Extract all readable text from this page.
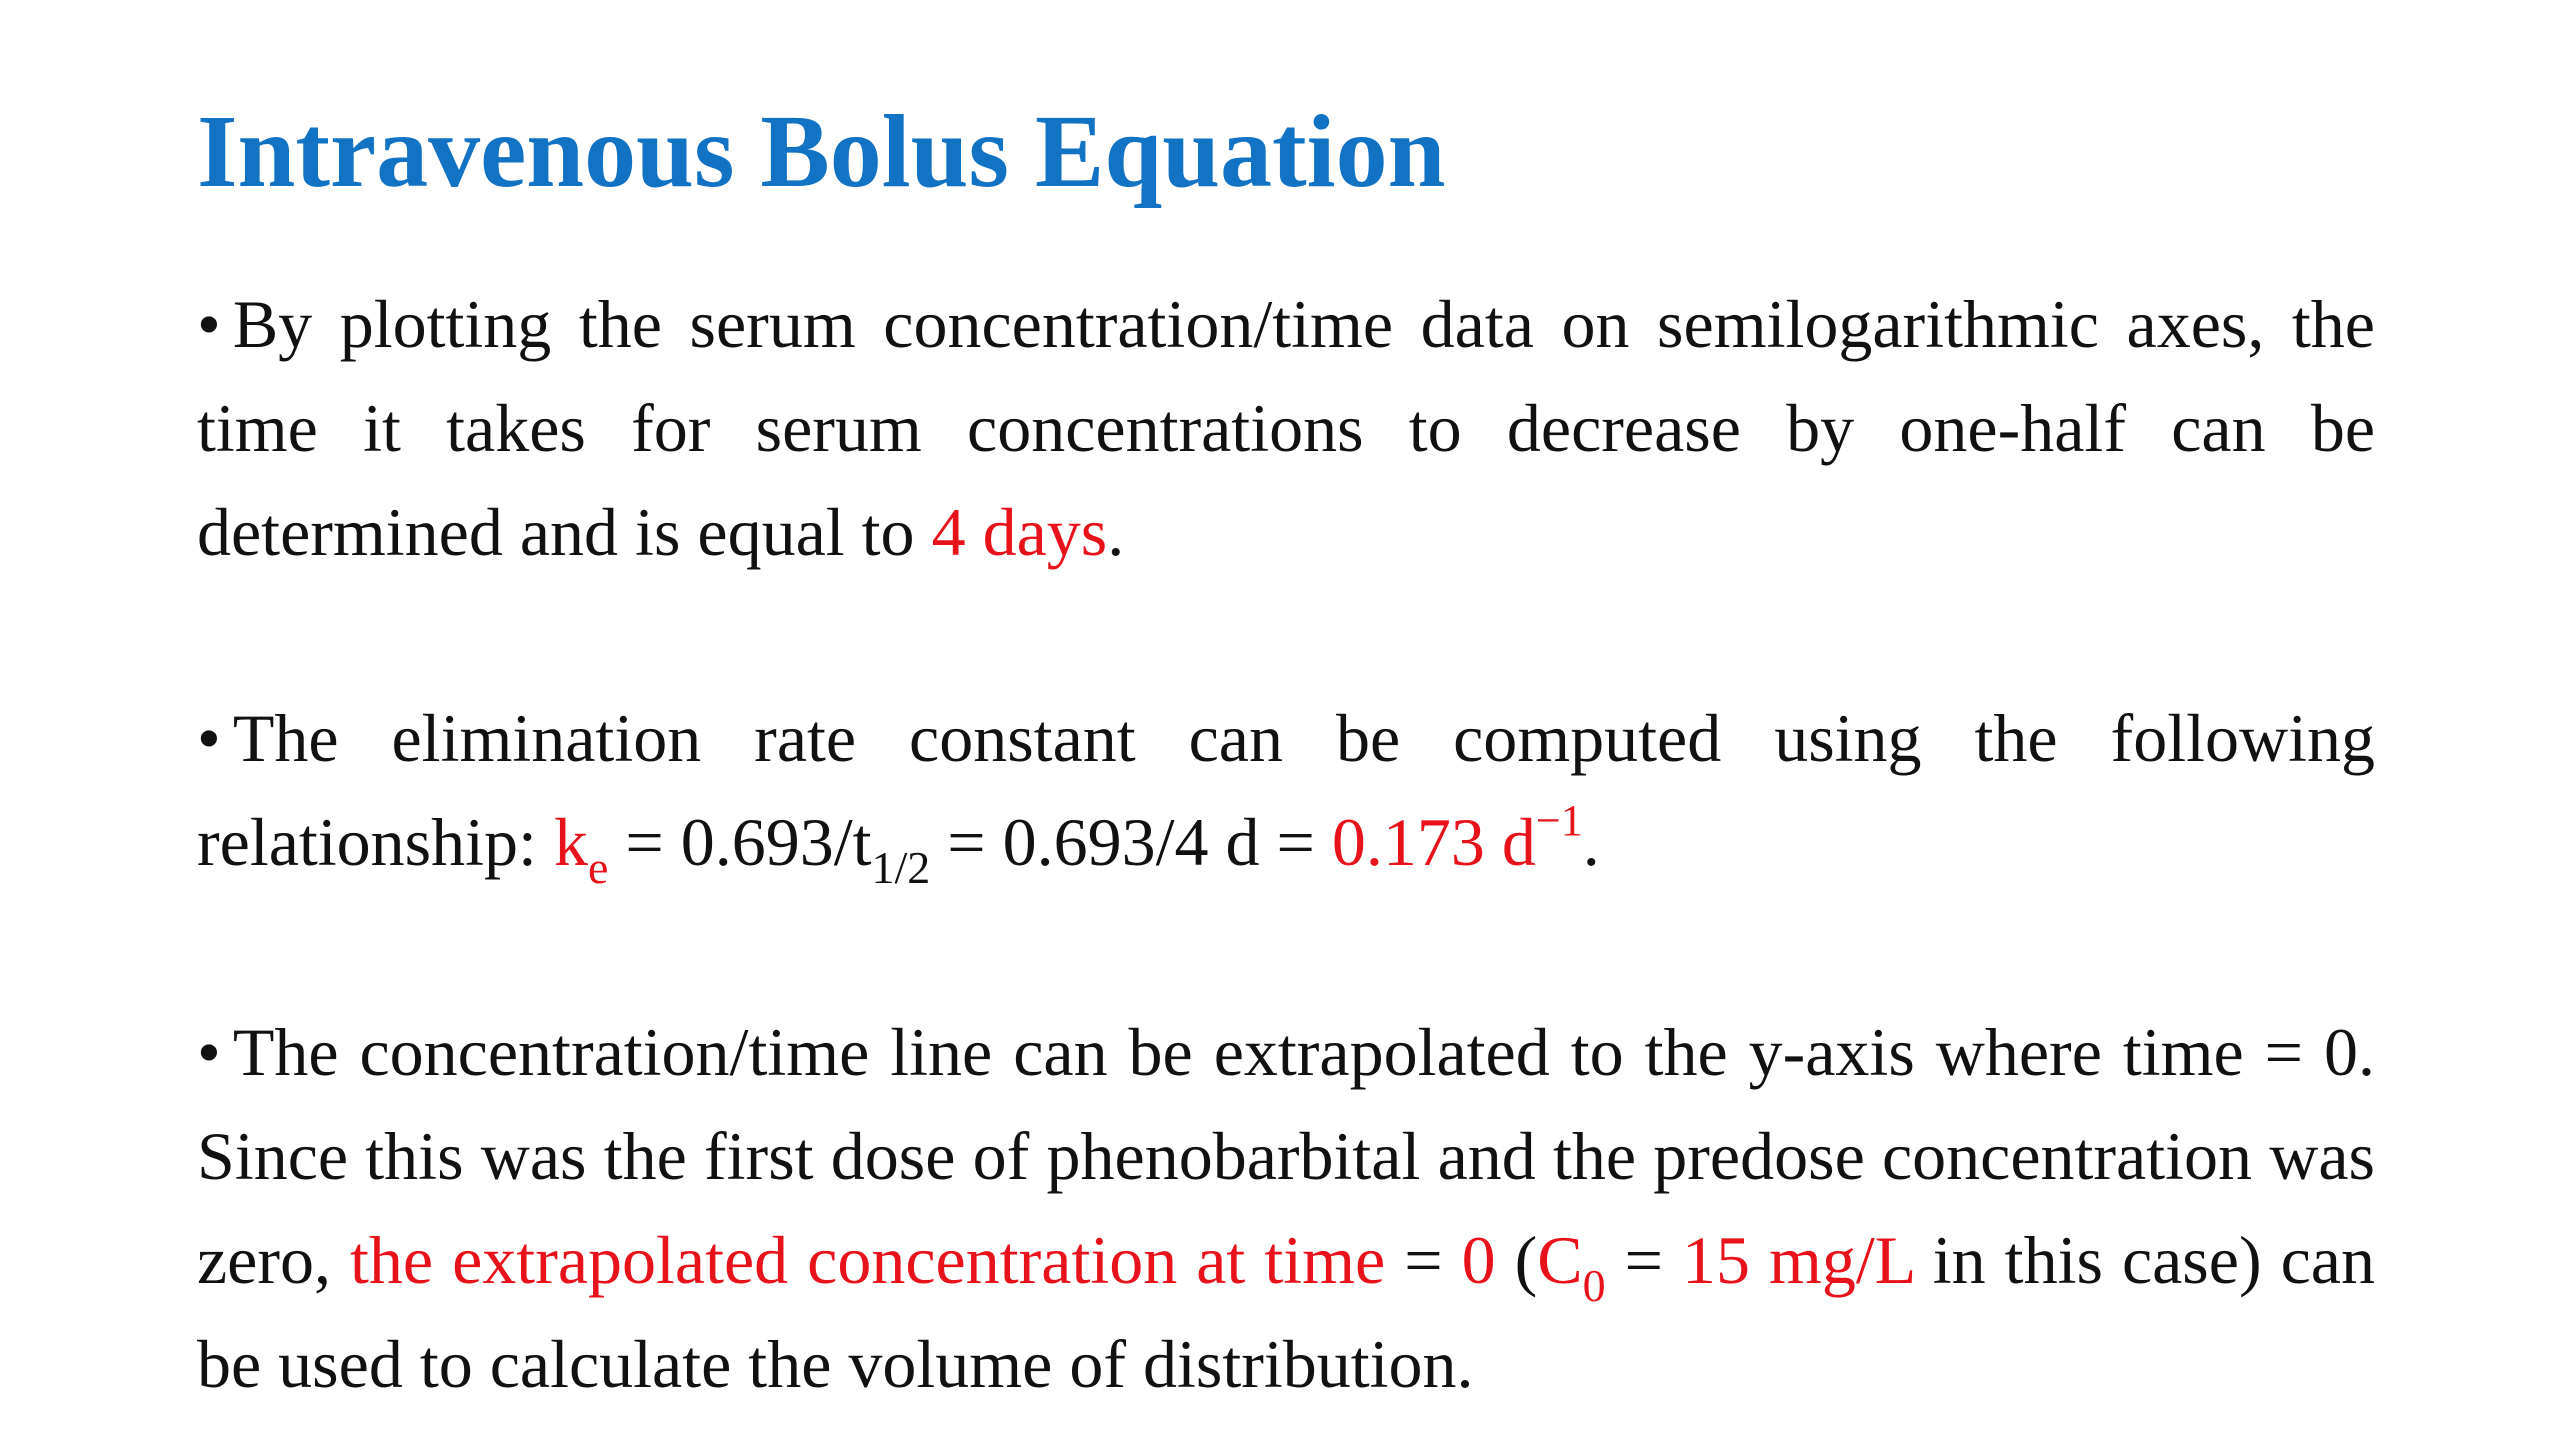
Intravenous Bolus Equation

• By plotting the serum concentration/time data on semilogarithmic axes, the time it takes for serum concentrations to decrease by one-half can be determined and is equal to 4 days.

• The elimination rate constant can be computed using the following relationship: $k_e = 0.693/t_{1/2} = 0.693/4$ d = 0.173 $d^{-1}$.

• The concentration/time line can be extrapolated to the y-axis where time = 0. Since this was the first dose of phenobarbital and the predose concentration was zero, the extrapolated concentration at time = 0 ($C_0 = 15$ mg/L in this case) can be used to calculate the volume of distribution.
